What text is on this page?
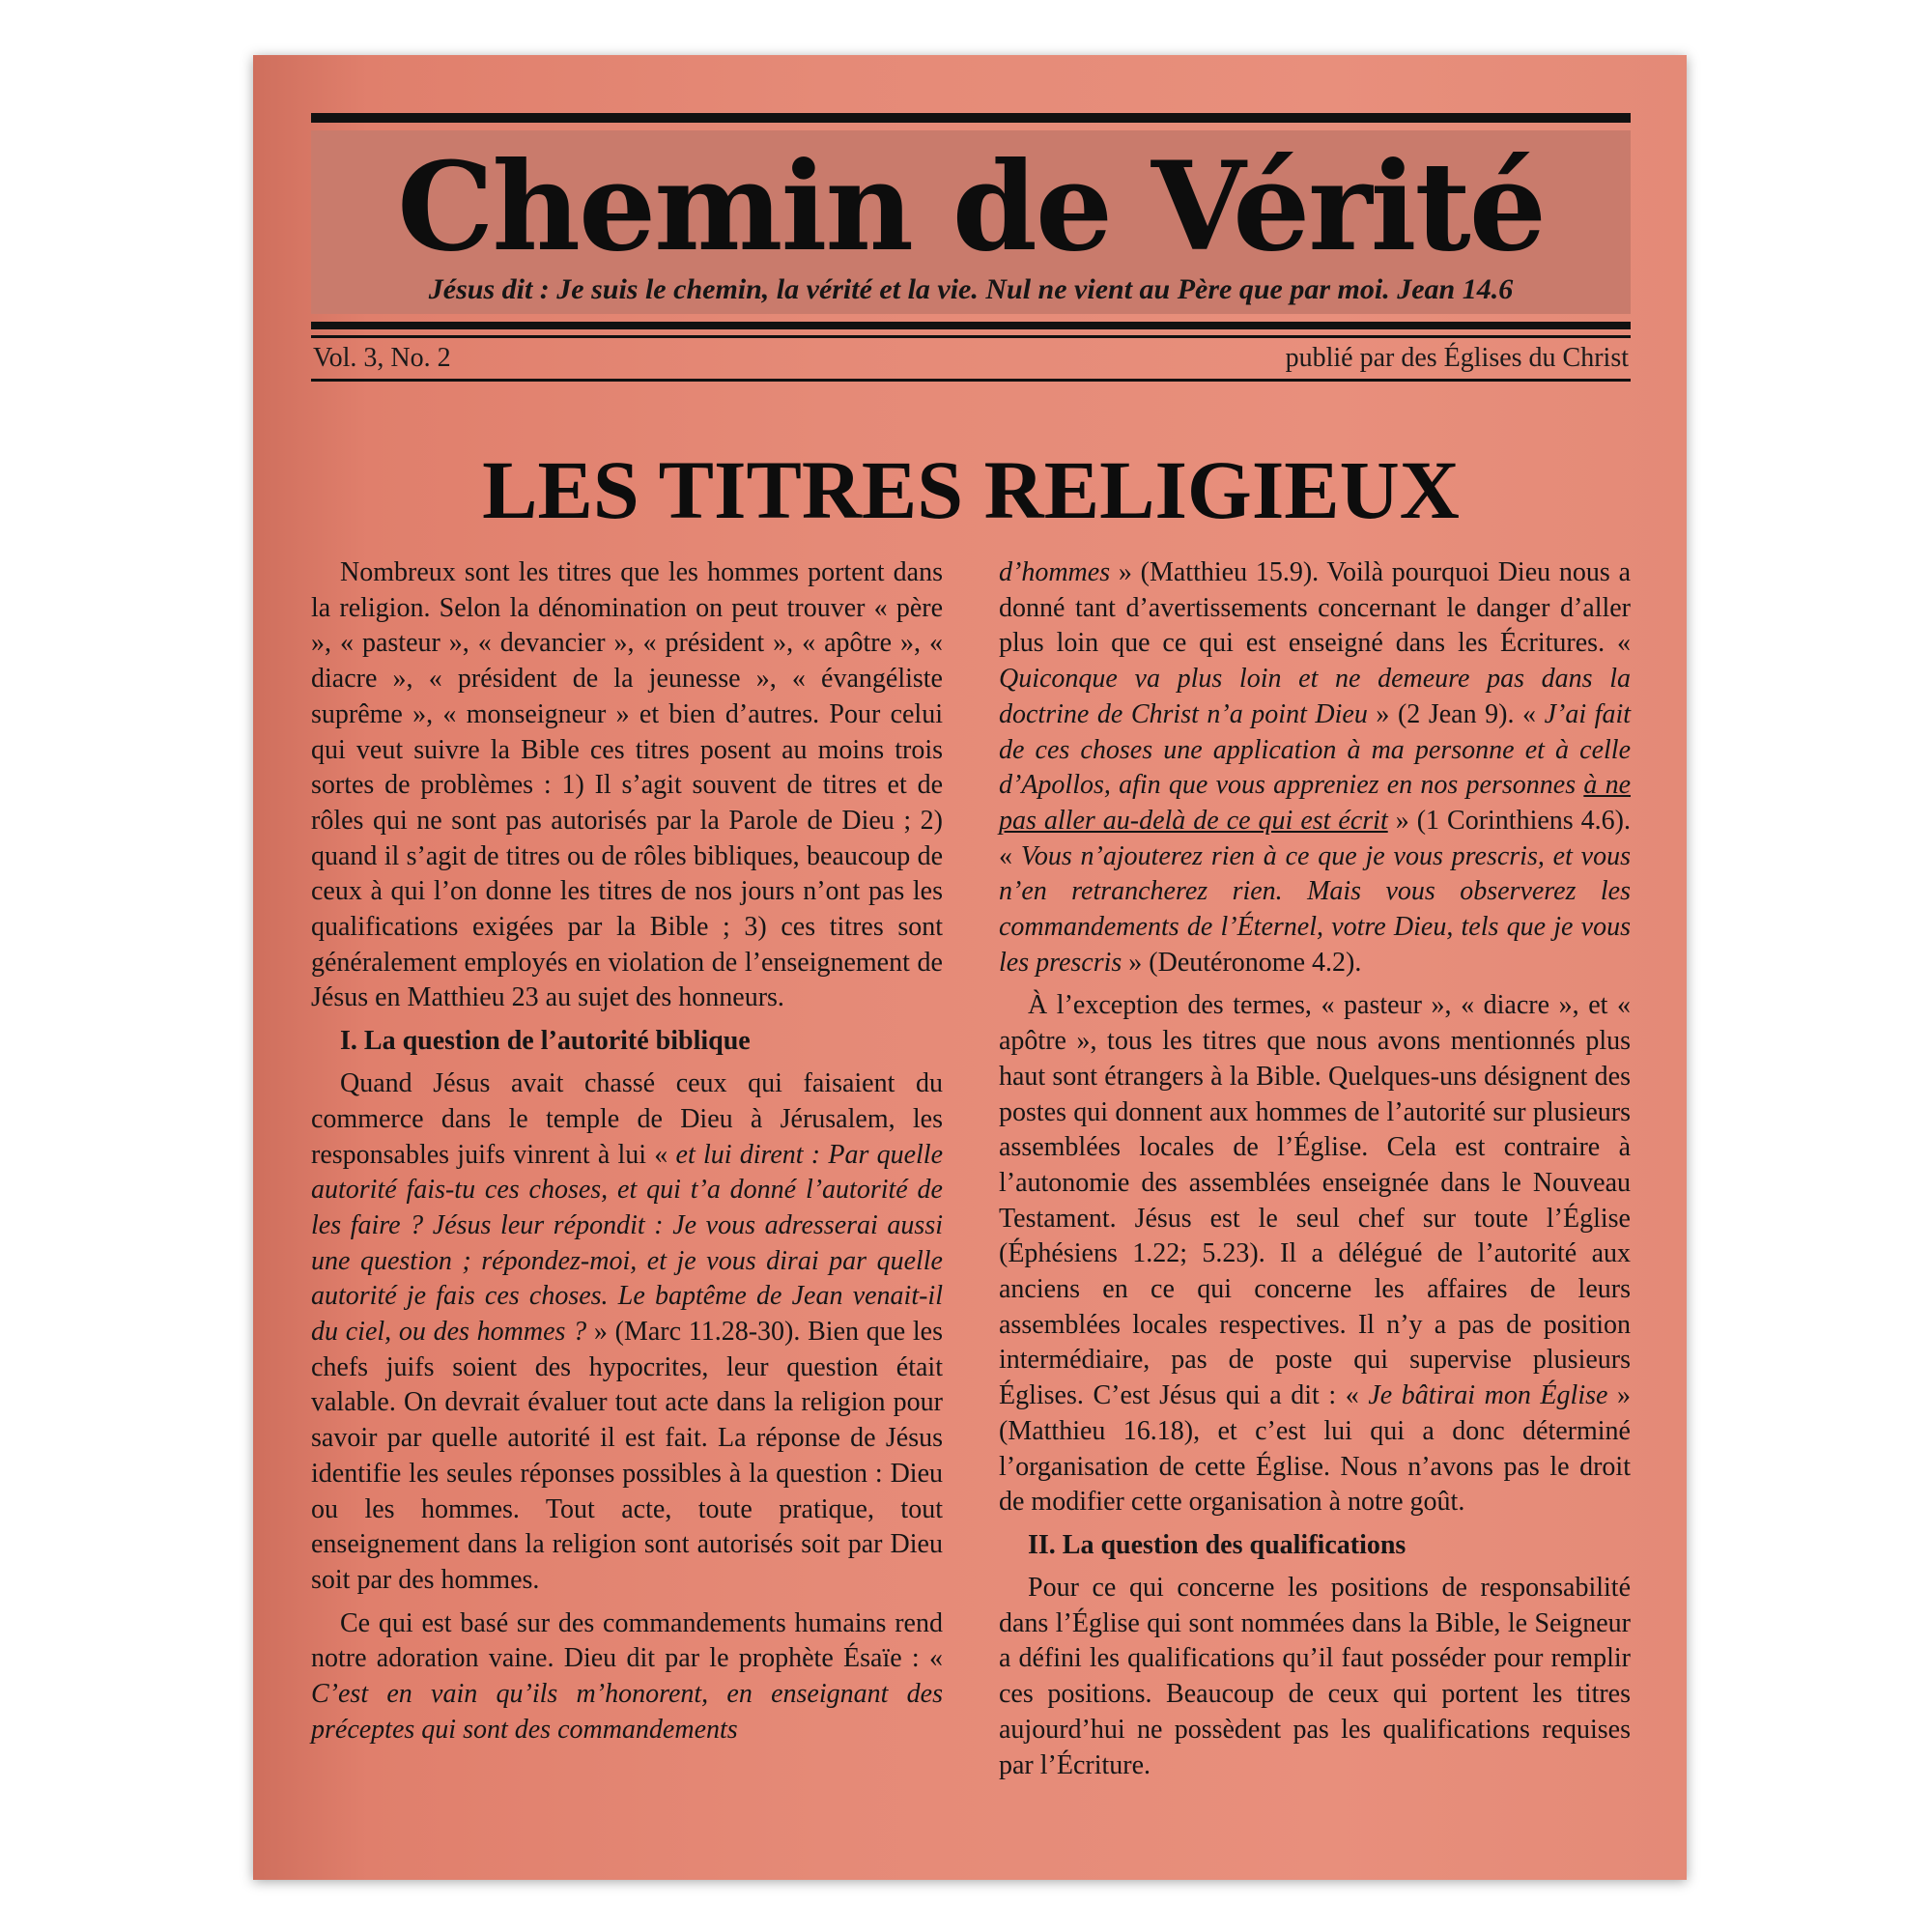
Chemin de Vérité
Jésus dit : Je suis le chemin, la vérité et la vie. Nul ne vient au Père que par moi. Jean 14.6
Vol. 3, No. 2	publié par des Églises du Christ
LES TITRES RELIGIEUX

Nombreux sont les titres que les hommes portent dans la religion. Selon la dénomination on peut trouver « père », « pasteur », « devancier », « président », « apôtre », « diacre », « président de la jeunesse », « évangéliste suprême », « monseigneur » et bien d’autres. Pour celui qui veut suivre la Bible ces titres posent au moins trois sortes de problèmes : 1) Il s’agit souvent de titres et de rôles qui ne sont pas autorisés par la Parole de Dieu ; 2) quand il s’agit de titres ou de rôles bibliques, beaucoup de ceux à qui l’on donne les titres de nos jours n’ont pas les qualifications exigées par la Bible ; 3) ces titres sont généralement employés en violation de l’enseignement de Jésus en Matthieu 23 au sujet des honneurs.

I. La question de l’autorité biblique

Quand Jésus avait chassé ceux qui faisaient du commerce dans le temple de Dieu à Jérusalem, les responsables juifs vinrent à lui « et lui dirent : Par quelle autorité fais-tu ces choses, et qui t’a donné l’autorité de les faire ? Jésus leur répondit : Je vous adresserai aussi une question ; répondez-moi, et je vous dirai par quelle autorité je fais ces choses. Le baptême de Jean venait-il du ciel, ou des hommes ? » (Marc 11.28-30). Bien que les chefs juifs soient des hypocrites, leur question était valable. On devrait évaluer tout acte dans la religion pour savoir par quelle autorité il est fait. La réponse de Jésus identifie les seules réponses possibles à la question : Dieu ou les hommes. Tout acte, toute pratique, tout enseignement dans la religion sont autorisés soit par Dieu soit par des hommes.

Ce qui est basé sur des commandements humains rend notre adoration vaine. Dieu dit par le prophète Ésaïe : « C’est en vain qu’ils m’honorent, en enseignant des préceptes qui sont des commandements

d’hommes » (Matthieu 15.9). Voilà pourquoi Dieu nous a donné tant d’avertissements concernant le danger d’aller plus loin que ce qui est enseigné dans les Écritures. « Quiconque va plus loin et ne demeure pas dans la doctrine de Christ n’a point Dieu » (2 Jean 9). « J’ai fait de ces choses une application à ma personne et à celle d’Apollos, afin que vous appreniez en nos personnes à ne pas aller au-delà de ce qui est écrit » (1 Corinthiens 4.6). « Vous n’ajouterez rien à ce que je vous prescris, et vous n’en retrancherez rien. Mais vous observerez les commandements de l’Éternel, votre Dieu, tels que je vous les prescris » (Deutéronome 4.2).

À l’exception des termes, « pasteur », « diacre », et « apôtre », tous les titres que nous avons mentionnés plus haut sont étrangers à la Bible. Quelques-uns désignent des postes qui donnent aux hommes de l’autorité sur plusieurs assemblées locales de l’Église. Cela est contraire à l’autonomie des assemblées enseignée dans le Nouveau Testament. Jésus est le seul chef sur toute l’Église (Éphésiens 1.22; 5.23). Il a délégué de l’autorité aux anciens en ce qui concerne les affaires de leurs assemblées locales respectives. Il n’y a pas de position intermédiaire, pas de poste qui supervise plusieurs Églises. C’est Jésus qui a dit : « Je bâtirai mon Église » (Matthieu 16.18), et c’est lui qui a donc déterminé l’organisation de cette Église. Nous n’avons pas le droit de modifier cette organisation à notre goût.

II. La question des qualifications

Pour ce qui concerne les positions de responsabilité dans l’Église qui sont nommées dans la Bible, le Seigneur a défini les qualifications qu’il faut posséder pour remplir ces positions. Beaucoup de ceux qui portent les titres aujourd’hui ne possèdent pas les qualifications requises par l’Écriture.
